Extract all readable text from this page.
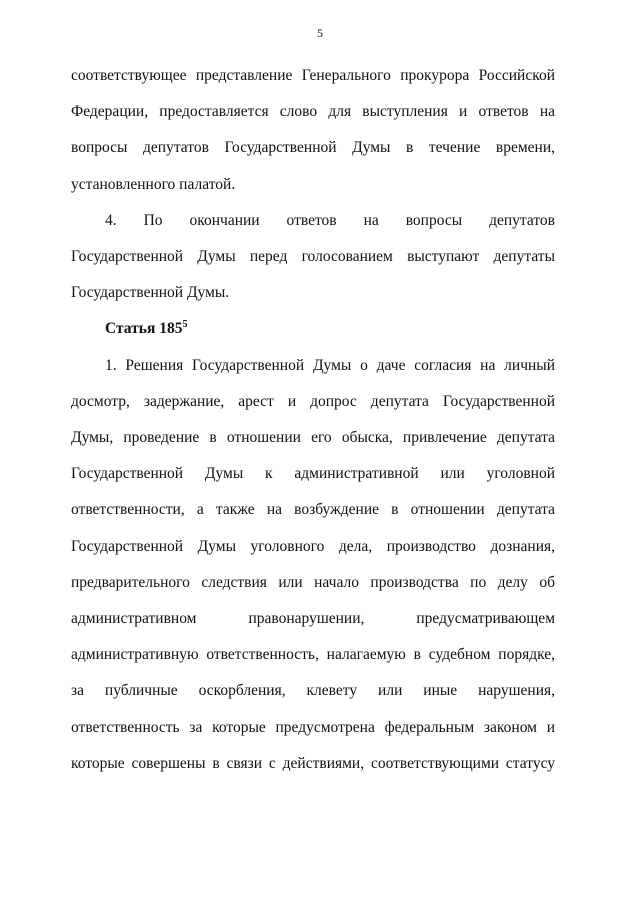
5
соответствующее представление Генерального прокурора Российской
Федерации, предоставляется слово для выступления и ответов на
вопросы депутатов Государственной Думы в течение времени,
установленного палатой.
4. По окончании ответов на вопросы депутатов
Государственной Думы перед голосованием выступают депутаты
Государственной Думы.
Статья $185^5$
1. Решения Государственной Думы о даче согласия на личный
досмотр, задержание, арест и допрос депутата Государственной
Думы, проведение в отношении его обыска, привлечение депутата
Государственной Думы к административной или уголовной
ответственности, а также на возбуждение в отношении депутата
Государственной Думы уголовного дела, производство дознания,
предварительного следствия или начало производства по делу об
административном правонарушении, предусматривающем
административную ответственность, налагаемую в судебном порядке,
за публичные оскорбления, клевету или иные нарушения,
ответственность за которые предусмотрена федеральным законом и
которые совершены в связи с действиями, соответствующими статусу
